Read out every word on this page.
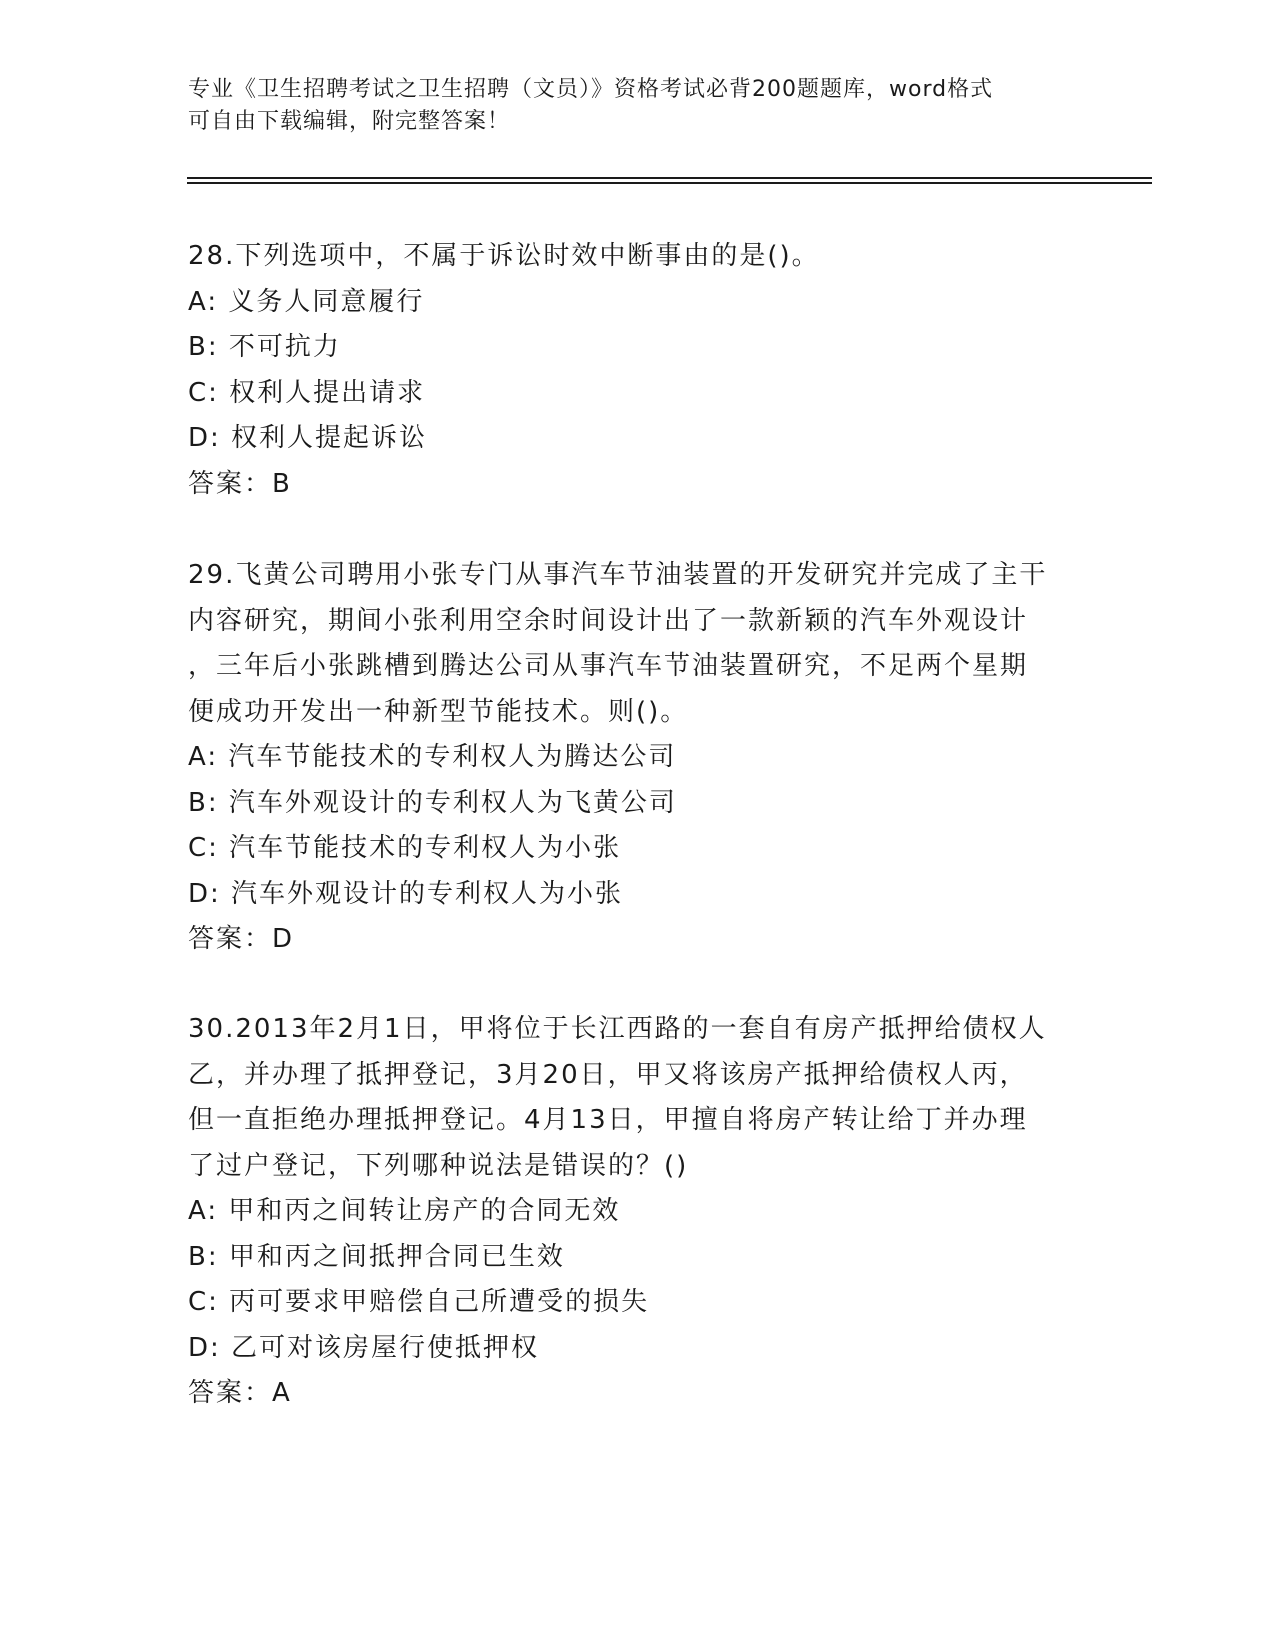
专业《卫生招聘考试之卫生招聘（文员）》资格考试必背200题题库，word格式
可自由下载编辑，附完整答案！

28.下列选项中，不属于诉讼时效中断事由的是()。

A: 义务人同意履行

B: 不可抗力

C: 权利人提出请求

D: 权利人提起诉讼

答案：B

29.飞黄公司聘用小张专门从事汽车节油装置的开发研究并完成了主干

内容研究，期间小张利用空余时间设计出了一款新颖的汽车外观设计

，三年后小张跳槽到腾达公司从事汽车节油装置研究，不足两个星期

便成功开发出一种新型节能技术。则()。

A: 汽车节能技术的专利权人为腾达公司

B: 汽车外观设计的专利权人为飞黄公司

C: 汽车节能技术的专利权人为小张

D: 汽车外观设计的专利权人为小张

答案：D

30.2013年2月1日，甲将位于长江西路的一套自有房产抵押给债权人

乙，并办理了抵押登记，3月20日，甲又将该房产抵押给债权人丙，

但一直拒绝办理抵押登记。4月13日，甲擅自将房产转让给丁并办理

了过户登记，下列哪种说法是错误的？()

A: 甲和丙之间转让房产的合同无效

B: 甲和丙之间抵押合同已生效

C: 丙可要求甲赔偿自己所遭受的损失

D: 乙可对该房屋行使抵押权

答案：A
